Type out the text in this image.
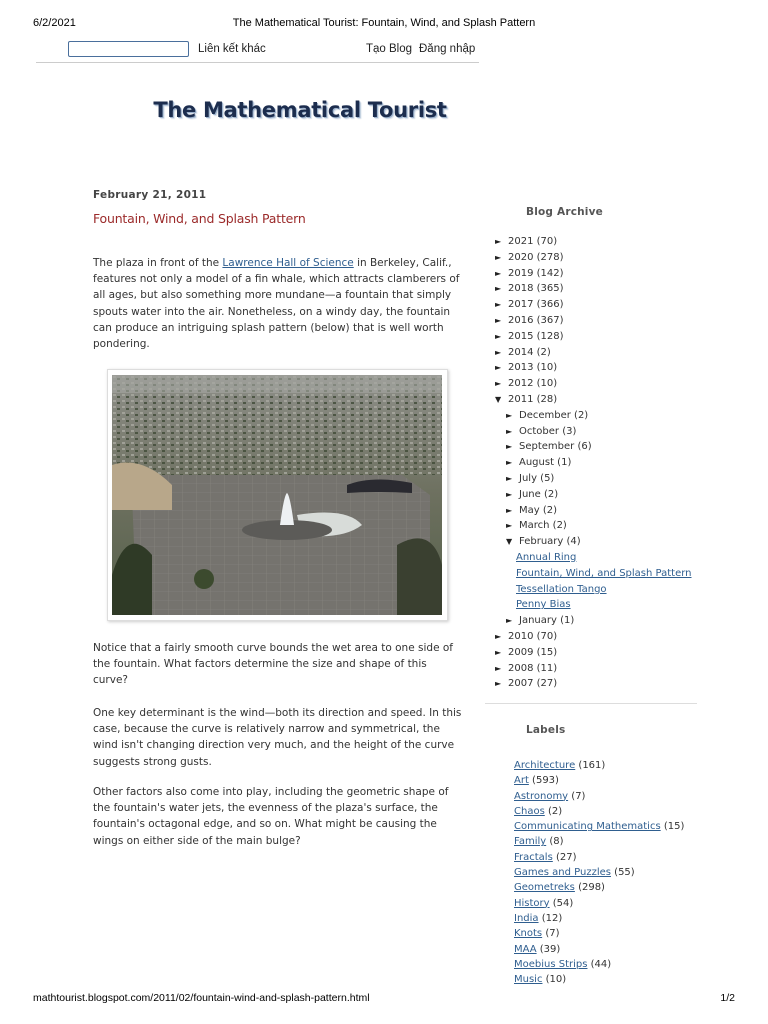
6/2/2021	The Mathematical Tourist: Fountain, Wind, and Splash Pattern
Liên kết khác	Tạo Blog Đăng nhập
The Mathematical Tourist
February 21, 2011
Fountain, Wind, and Splash Pattern
The plaza in front of the Lawrence Hall of Science in Berkeley, Calif., features not only a model of a fin whale, which attracts clamberers of all ages, but also something more mundane—a fountain that simply spouts water into the air. Nonetheless, on a windy day, the fountain can produce an intriguing splash pattern (below) that is well worth pondering.
Notice that a fairly smooth curve bounds the wet area to one side of the fountain. What factors determine the size and shape of this curve?
One key determinant is the wind—both its direction and speed. In this case, because the curve is relatively narrow and symmetrical, the wind isn't changing direction very much, and the height of the curve suggests strong gusts.
Other factors also come into play, including the geometric shape of the fountain's water jets, the evenness of the plaza's surface, the fountain's octagonal edge, and so on. What might be causing the wings on either side of the main bulge?
Blog Archive
► 2021 (70)
► 2020 (278)
► 2019 (142)
► 2018 (365)
► 2017 (366)
► 2016 (367)
► 2015 (128)
► 2014 (2)
► 2013 (10)
► 2012 (10)
▼ 2011 (28)
► December (2)
► October (3)
► September (6)
► August (1)
► July (5)
► June (2)
► May (2)
► March (2)
▼ February (4)
Annual Ring
Fountain, Wind, and Splash Pattern
Tessellation Tango
Penny Bias
► January (1)
► 2010 (70)
► 2009 (15)
► 2008 (11)
► 2007 (27)
Labels
Architecture (161)
Art (593)
Astronomy (7)
Chaos (2)
Communicating Mathematics (15)
Family (8)
Fractals (27)
Games and Puzzles (55)
Geometreks (298)
History (54)
India (12)
Knots (7)
MAA (39)
Moebius Strips (44)
Music (10)
mathtourist.blogspot.com/2011/02/fountain-wind-and-splash-pattern.html	1/2
